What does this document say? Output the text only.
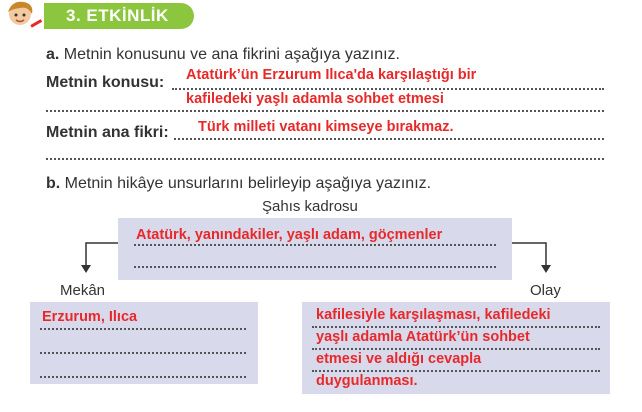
3. ETKİNLİK
a. Metnin konusunu ve ana fikrini aşağıya yazınız.
Metnin konusu: Atatürk’ün Erzurum Ilıca'da karşılaştığı bir
kafiledeki yaşlı adamla sohbet etmesi
Metnin ana fikri: Türk milleti vatanı kimseye bırakmaz.
b. Metnin hikâye unsurlarını belirleyip aşağıya yazınız.
Şahıs kadrosu
Atatürk, yanındakiler, yaşlı adam, göçmenler
Mekân
Erzurum, Ilıca
Olay
kafilesiyle karşılaşması, kafiledeki
yaşlı adamla Atatürk’ün sohbet
etmesi ve aldığı cevapla
duygulanması.
